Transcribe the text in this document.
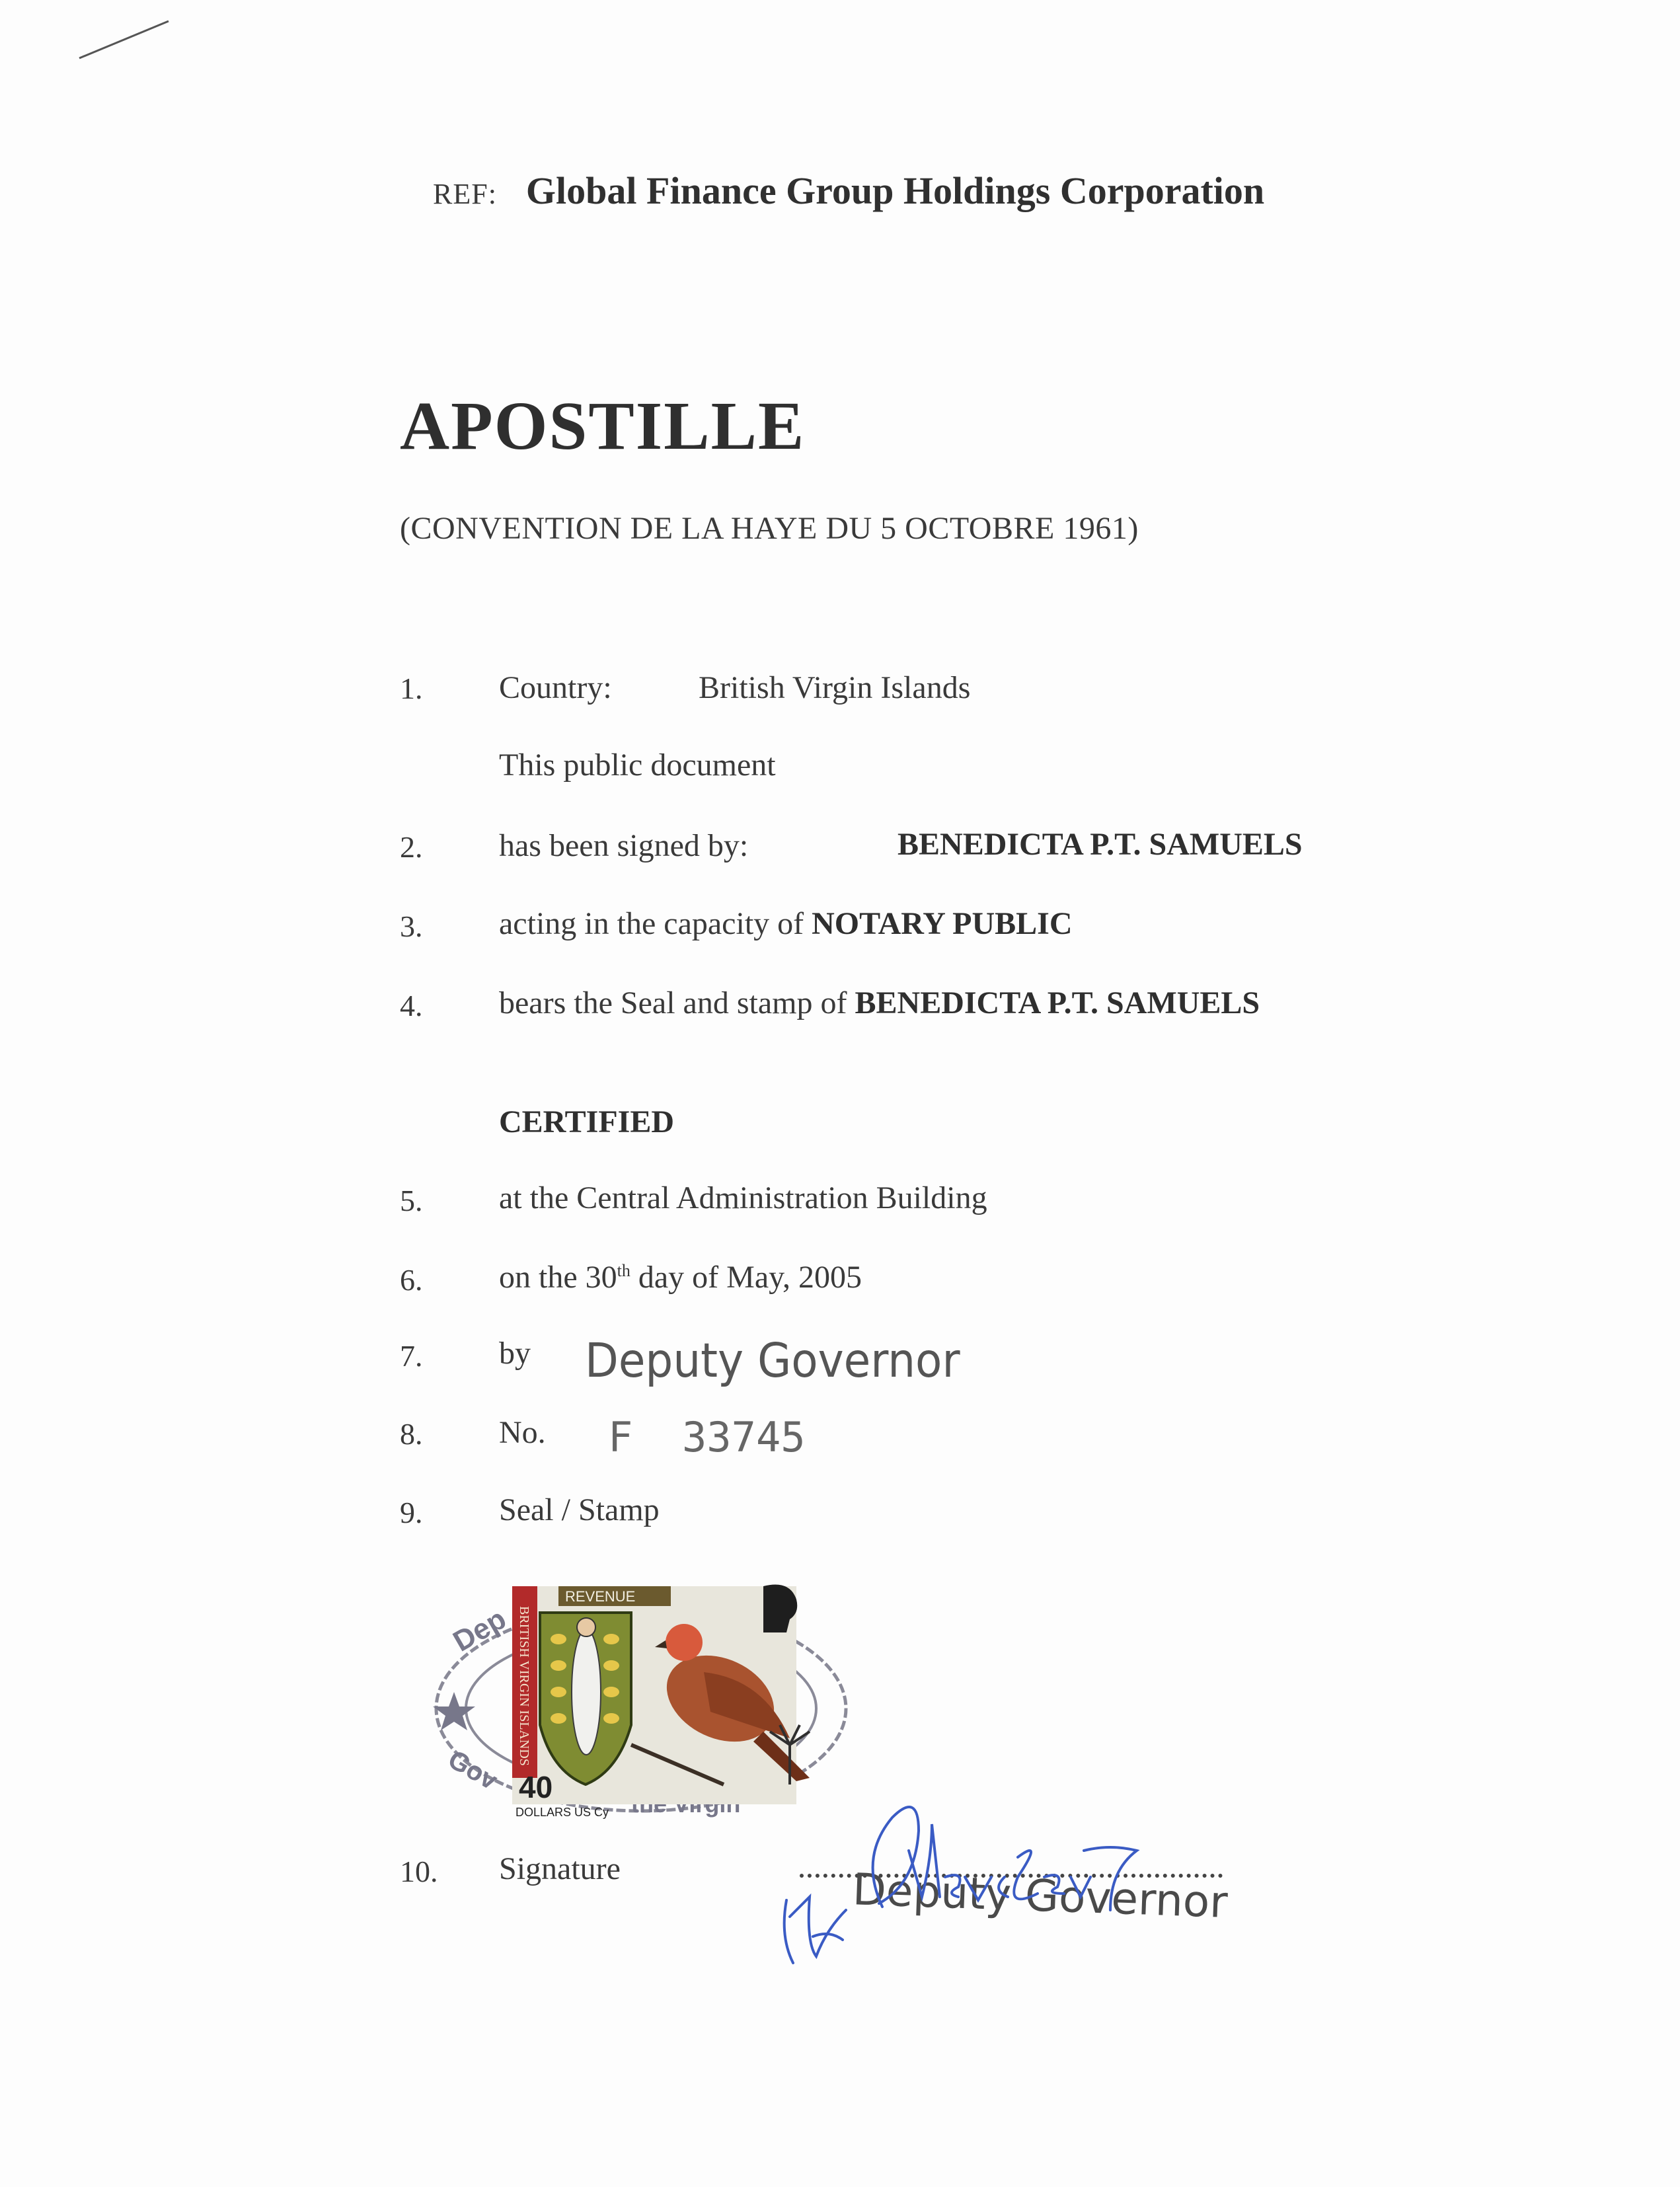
REF: Global Finance Group Holdings Corporation
APOSTILLE
(CONVENTION DE LA HAYE DU 5 OCTOBRE 1961)
1. Country:	British Virgin Islands
This public document
2. has been signed by:	BENEDICTA P.T. SAMUELS
3. acting in the capacity of NOTARY PUBLIC
4. bears the Seal and stamp of BENEDICTA P.T. SAMUELS
CERTIFIED
5. at the Central Administration Building
6. on the 30th day of May, 2005
7. by Deputy Governor
8. No. F  33745
9. Seal / Stamp
Dep
Gov
BRITISH VIRGIN ISLANDS
REVENUE
40
DOLLARS US Cy
10. Signature	Deputy Governor
